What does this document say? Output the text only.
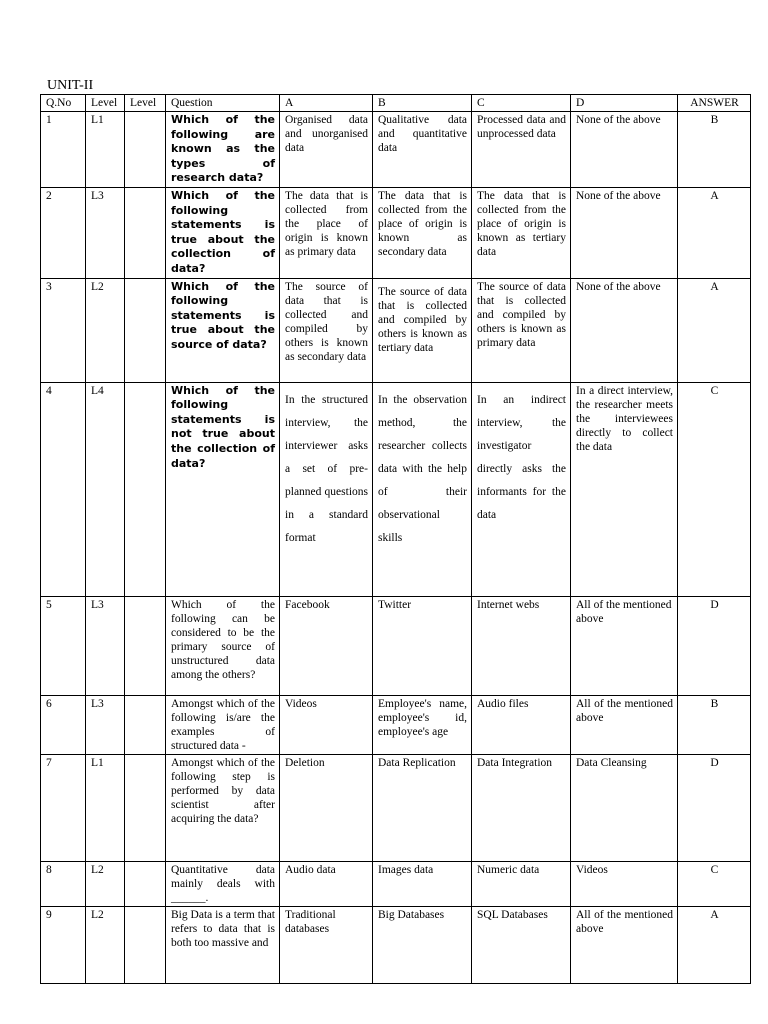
UNIT-II
Q.No	Level	Level	Question	A	B	C	D	ANSWER
1	L1		Which of the following are known as the types of research data?	Organised data and unorganised data	Qualitative data and quantitative data	Processed data and unprocessed data	None of the above	B
2	L3		Which of the following statements is true about the collection of data?	The data that is collected from the place of origin is known as primary data	The data that is collected from the place of origin is known as secondary data	The data that is collected from the place of origin is known as tertiary data	None of the above	A
3	L2		Which of the following statements is true about the source of data?	The source of data that is collected and compiled by others is known as secondary data	The source of data that is collected and compiled by others is known as tertiary data	The source of data that is collected and compiled by others is known as primary data	None of the above	A
4	L4		Which of the following statements is not true about the collection of data?	In the structured interview, the interviewer asks a set of pre-planned questions in a standard format	In the observation method, the researcher collects data with the help of their observational skills	In an indirect interview, the investigator directly asks the informants for the data	In a direct interview, the researcher meets the interviewees directly to collect the data	C
5	L3		Which of the following can be considered to be the primary source of unstructured data among the others?	Facebook	Twitter	Internet webs	All of the mentioned above	D
6	L3		Amongst which of the following is/are the examples of structured data -	Videos	Employee's name, employee's id, employee's age	Audio files	All of the mentioned above	B
7	L1		Amongst which of the following step is performed by data scientist after acquiring the data?	Deletion	Data Replication	Data Integration	Data Cleansing	D
8	L2		Quantitative data mainly deals with ______.	Audio data	Images data	Numeric data	Videos	C
9	L2		Big Data is a term that refers to data that is both too massive and	Traditional databases	Big Databases	SQL Databases	All of the mentioned above	A
